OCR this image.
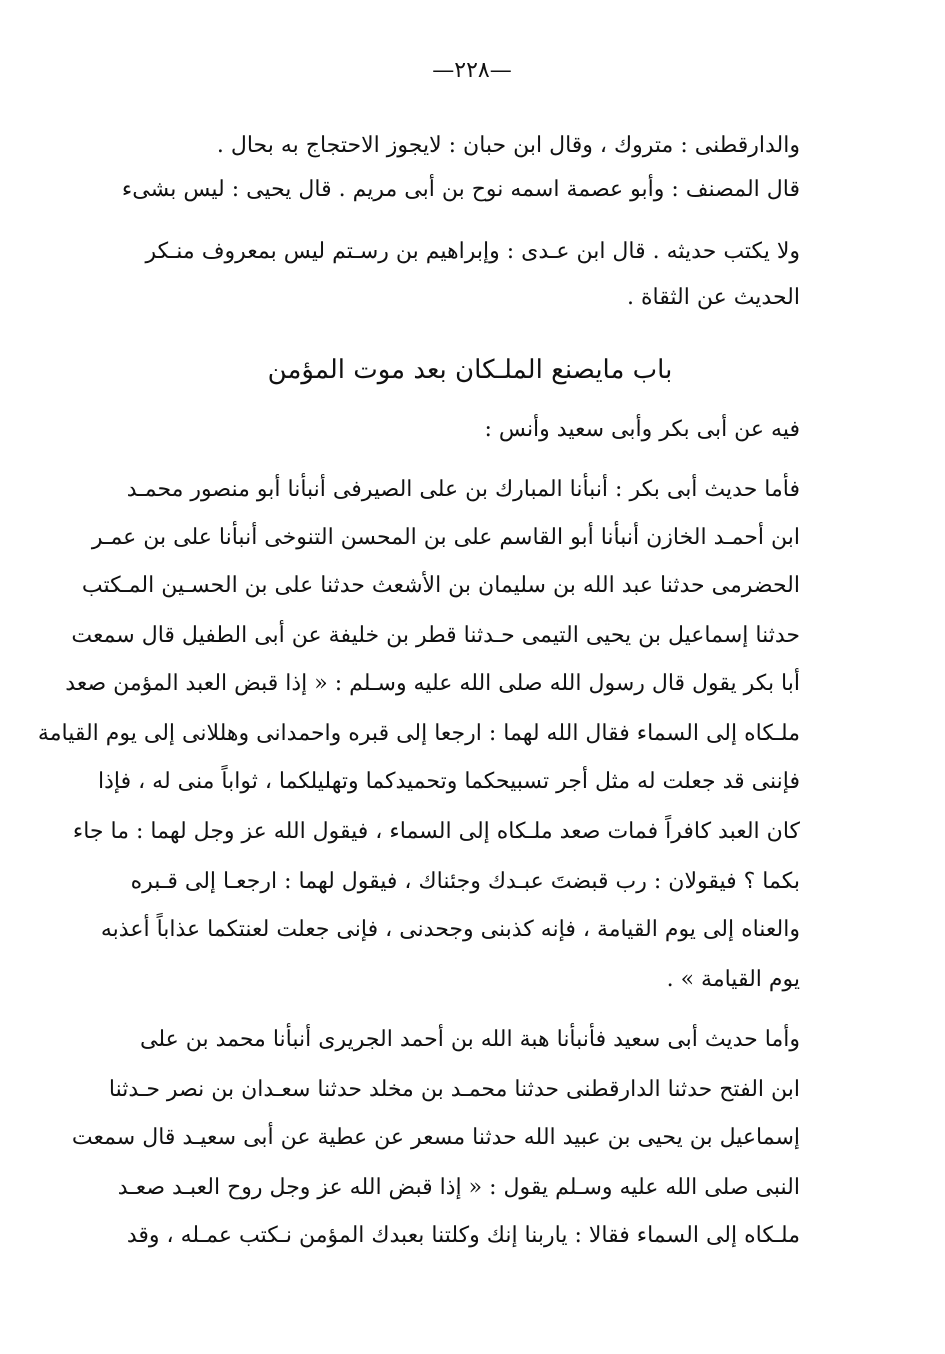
—٢٢٨—
والدارقطنى : متروك ، وقال ابن حبان : لايجوز الاحتجاج به بحال .
قال المصنف : وأبو عصمة اسمه نوح بن أبى مريم . قال يحيى : ليس بشىء
ولا يكتب حديثه . قال ابن عـدى : وإبراهيم بن رسـتم ليس بمعروف منـكر
الحديث عن الثقاة .
باب مايصنع الملـكان بعد موت المؤمن
فيه عن أبى بكر وأبى سعيد وأنس :
فأما حديث أبى بكر : أنبأنا المبارك بن على الصيرفى أنبأنا أبو منصور محمـد
ابن أحمـد الخازن أنبأنا أبو القاسم على بن المحسن التنوخى أنبأنا على بن عمـر
الحضرمى حدثنا عبد الله بن سليمان بن الأشعث حدثنا على بن الحسـين المـكتب
حدثنا إسماعيل بن يحيى التيمى حـدثنا قطر بن خليفة عن أبى الطفيل قال سمعت
أبا بكر يقول قال رسول الله صلى الله عليه وسـلم : « إذا قبض العبد المؤمن صعد
ملـكاه إلى السماء فقال الله لهما : ارجعا إلى قبره واحمدانى وهللانى إلى يوم القيامة
فإننى قد جعلت له مثل أجر تسبيحكما وتحميدكما وتهليلكما ، ثواباً منى له ، فإذا
كان العبد كافراً فمات صعد ملـكاه إلى السماء ، فيقول الله عز وجل لهما : ما جاء
بكما ؟ فيقولان : رب قبضتَ عبـدك وجئناك ، فيقول لهما : ارجعـا إلى قـبره
والعناه إلى يوم القيامة ، فإنه كذبنى وجحدنى ، فإنى جعلت لعنتكما عذاباً أعذبه
يوم القيامة » .
وأما حديث أبى سعيد فأنبأنا هبة الله بن أحمد الجريرى أنبأنا محمد بن على
ابن الفتح حدثنا الدارقطنى حدثنا محمـد بن مخلد حدثنا سعـدان بن نصر حـدثنا
إسماعيل بن يحيى بن عبيد الله حدثنا مسعر عن عطية عن أبى سعيـد قال سمعت
النبى صلى الله عليه وسـلم يقول : « إذا قبض الله عز وجل روح العبـد صعـد
ملـكاه إلى السماء فقالا : ياربنا إنك وكلتنا بعبدك المؤمن نـكتب عمـله ، وقد
